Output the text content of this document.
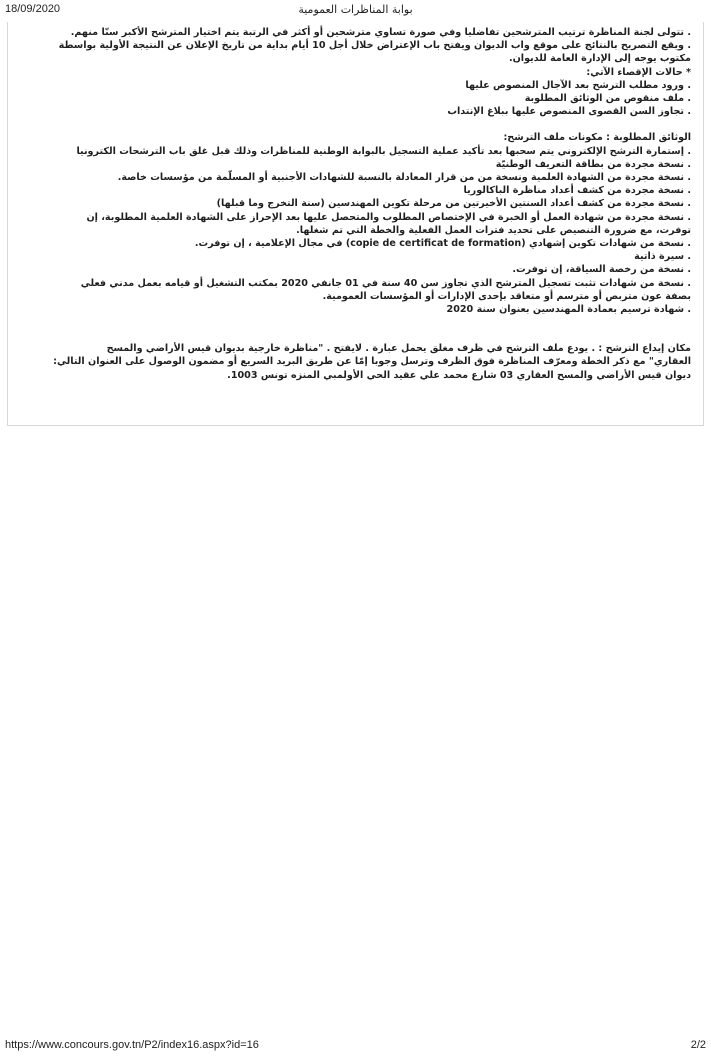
18/09/2020	بوابة المناظرات العمومية
. تتولى لجنة المناظرة ترتيب المترشحين تفاضليا وفي صورة تساوي مترشحين أو أكثر في الرتبة يتم اختيار المترشح الأكبر سنّا منهم.
. ويقع التصريح بالنتائج على موقع واب الديوان ويفتح باب الإعتراض خلال أجل 10 أيام بداية من تاريخ الإعلان عن النتيجة الأولية بواسطة
مكتوب يوجه إلى الإدارة العامة للديوان.
* حالات الإقصاء الآتي:
. ورود مطلب الترشح بعد الآجال المنصوص عليها
. ملف منقوص من الوثائق المطلوبة
. تجاوز السن القصوى المنصوص عليها ببلاغ الإنتداب
الوثائق المطلوبة : مكونات ملف الترشح:
. إستمارة الترشح الإلكتروني يتم سحبها بعد تأكيد عملية التسجيل بالبوابة الوطنية للمناظرات وذلك قبل غلق باب الترشحات الكترونيا
. نسخة مجردة من بطاقة التعريف الوطنيّة
. نسخة مجردة من الشهادة العلمية ونسخة من من قرار المعادلة بالنسبة للشهادات الأجنبية أو المسلّمة من مؤسسات خاصة.
. نسخة مجردة من كشف أعداد مناظرة الباكالوريا
. نسخة مجردة من كشف أعداد السنتين الأخيرتين من مرحلة تكوين المهندسين (سنة التخرج وما قبلها)
. نسخة مجردة من شهادة العمل أو الخبرة في الإختصاص المطلوب والمتحصل عليها بعد الإحراز على الشهادة العلمية المطلوبة، إن
توفرت، مع ضرورة التنصيص على تحديد فترات العمل الفعلية والخطة التي تم شغلها.
. نسخة من شهادات تكوين إشهادي (copie de certificat de formation) في مجال الإعلامية ، إن توفرت.
. سيرة ذاتية
. نسخة من رخصة السياقة، إن توفرت.
. نسخة من شهادات تثبت تسجيل المترشح الذي تجاوز سن 40 سنة في 01 جانفي 2020 بمكتب التشغيل أو قيامه بعمل مدني فعلي
بصفة عون متربص أو مترسم أو متعاقد بإحدى الإدارات أو المؤسسات العمومية.
. شهادة ترسيم بعمادة المهندسين بعنوان سنة 2020
مكان إيداع الترشح : . يودع ملف الترشح في ظرف مغلق يحمل عبارة . لايفتح . "مناظرة خارجية بديوان قيس الأراضي والمسح
العقاري" مع ذكر الخطة ومعرّف المناظرة فوق الظرف وترسل وجوبا إمّا عن طريق البريد السريع أو مضمون الوصول على العنوان التالي:
ديوان قيس الأراضي والمسح العقاري 03 شارع محمد علي عقيد الحي الأولمبي المنزه تونس 1003.
https://www.concours.gov.tn/P2/index16.aspx?id=16	2/2
